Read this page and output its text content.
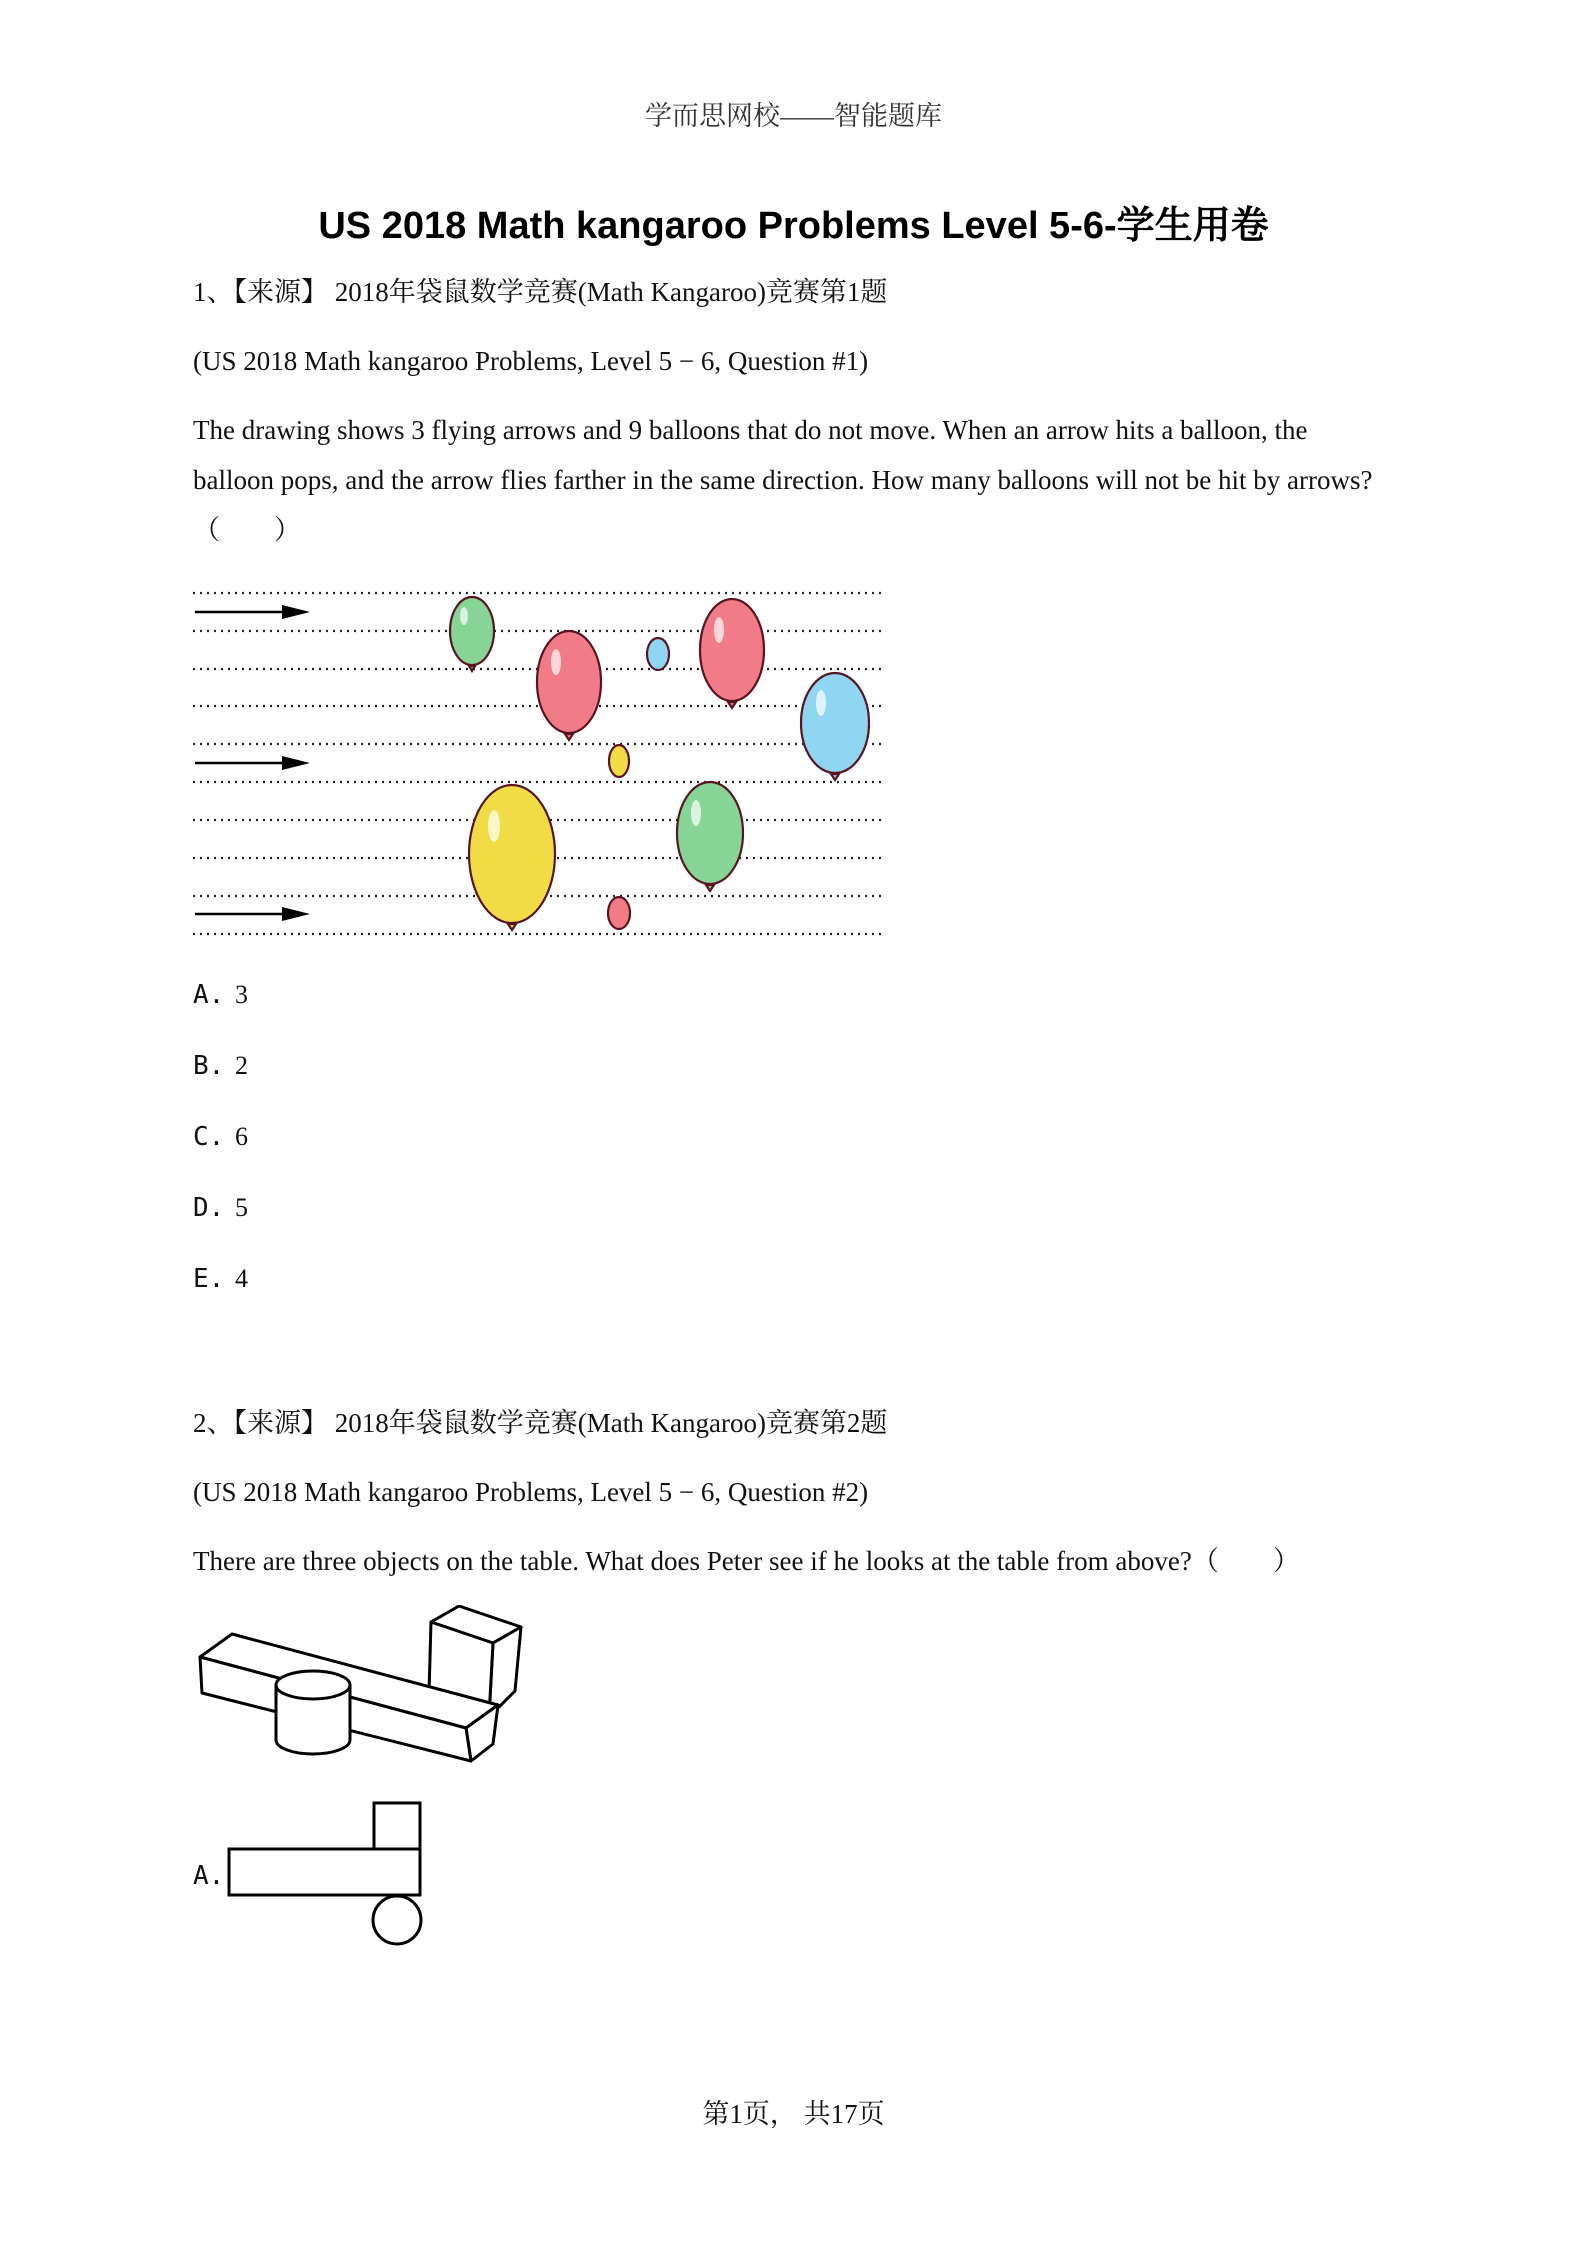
学而思网校——智能题库
US 2018 Math kangaroo Problems Level 5-6-学生用卷
1、【来源】 2018年袋鼠数学竞赛(Math Kangaroo)竞赛第1题
(US 2018 Math kangaroo Problems, Level 5 − 6, Question #1)
The drawing shows 3 flying arrows and 9 balloons that do not move. When an arrow hits a balloon, the balloon pops, and the arrow flies farther in the same direction. How many balloons will not be hit by arrows?（　　）
A. 3
B. 2
C. 6
D. 5
E. 4
2、【来源】 2018年袋鼠数学竞赛(Math Kangaroo)竞赛第2题
(US 2018 Math kangaroo Problems, Level 5 − 6, Question #2)
There are three objects on the table. What does Peter see if he looks at the table from above?（　　）
A.
第1页， 共17页
